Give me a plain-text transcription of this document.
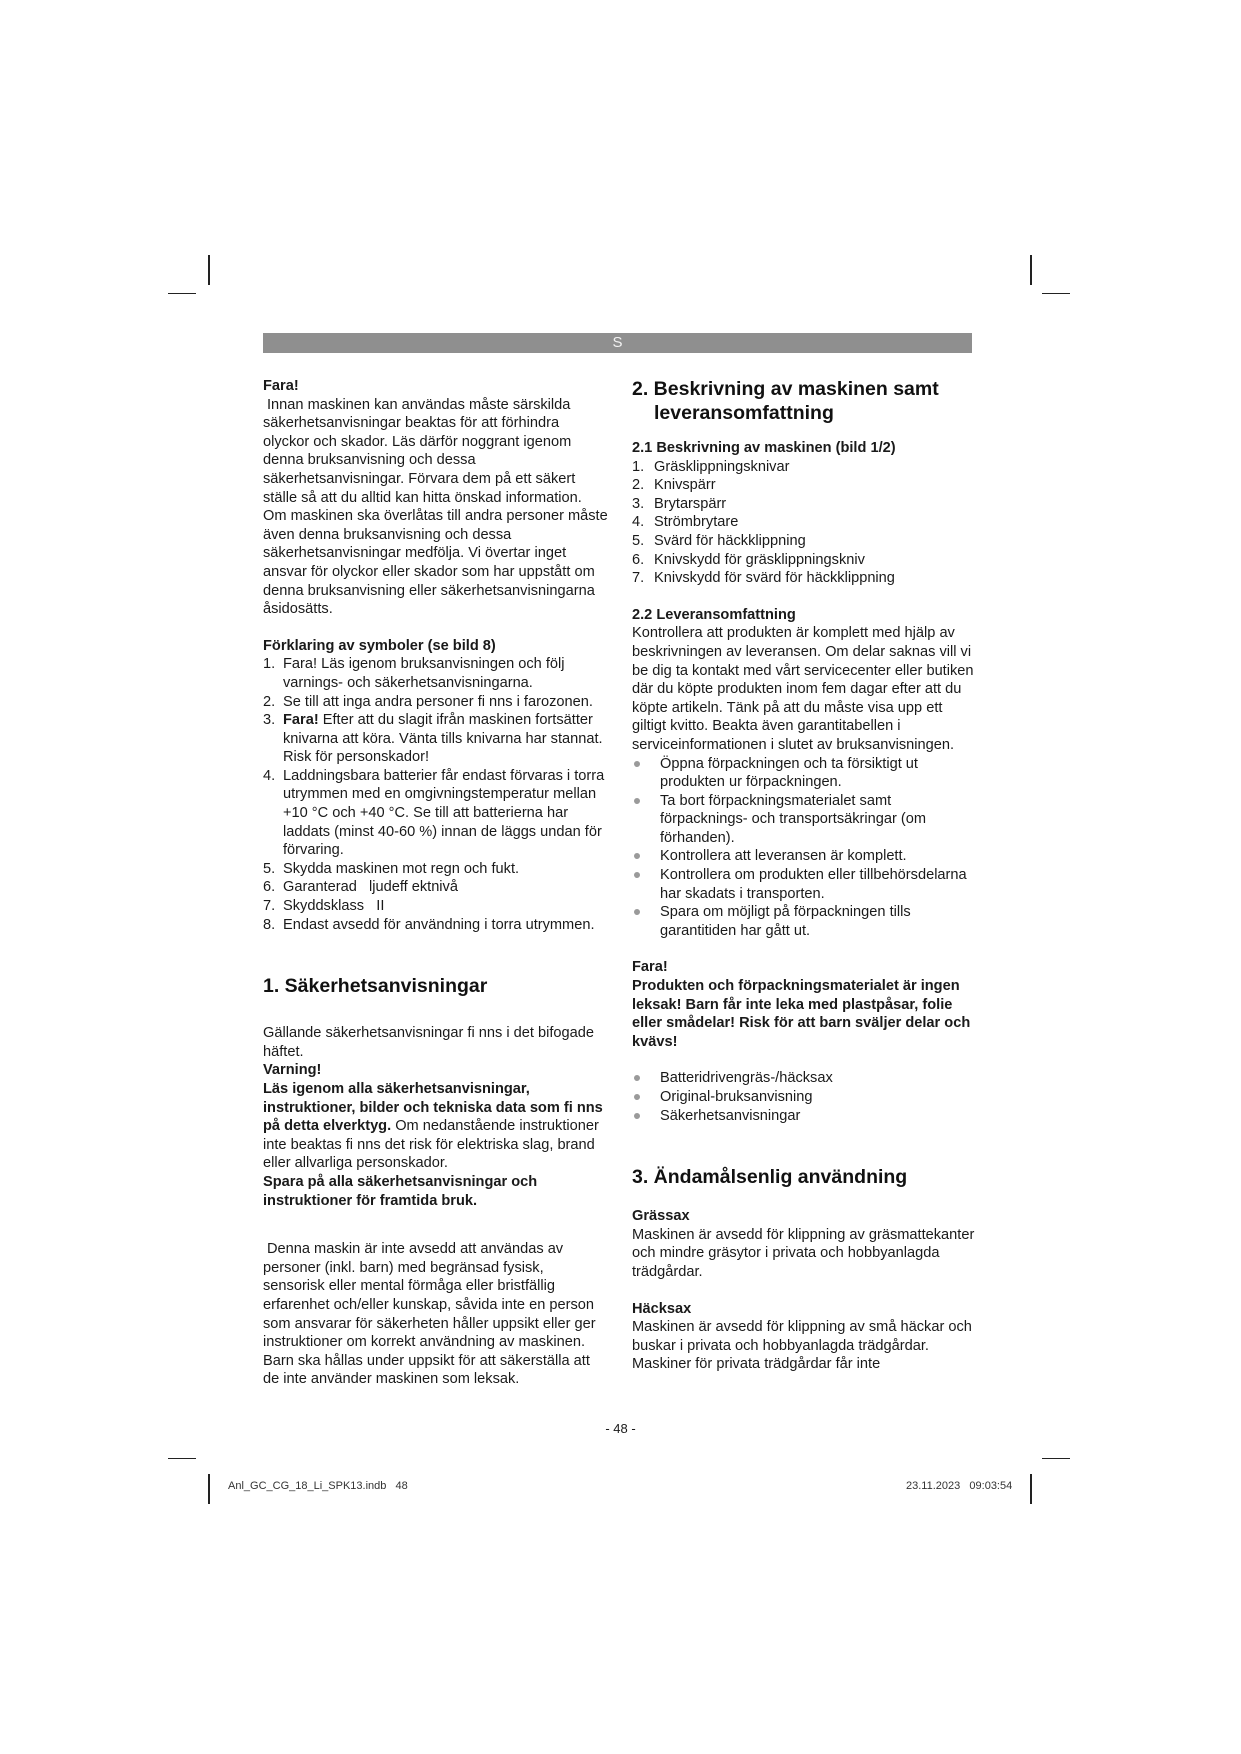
S
Fara!

Innan maskinen kan användas måste särskilda säkerhetsanvisningar beaktas för att förhindra olyckor och skador. Läs därför noggrant igenom denna bruksanvisning och dessa säkerhetsanvisningar. Förvara dem på ett säkert ställe så att du alltid kan hitta önskad information. Om maskinen ska överlåtas till andra personer måste även denna bruksanvisning och dessa säkerhetsanvisningar medfölja. Vi övertar inget ansvar för olyckor eller skador som har uppstått om denna bruksanvisning eller säkerhetsanvisningarna åsidosätts.

Förklaring av symboler (se bild 8)
1. Fara! Läs igenom bruksanvisningen och följ varnings- och säkerhetsanvisningarna.
2. Se till att inga andra personer fi nns i farozonen.
3. Fara! Efter att du slagit ifrån maskinen fortsätter knivarna att köra. Vänta tills knivarna har stannat. Risk för personskador!
4. Laddningsbara batterier får endast förvaras i torra utrymmen med en omgivningstemperatur mellan +10 °C och +40 °C. Se till att batterierna har laddats (minst 40-60 %) innan de läggs undan för förvaring.
5. Skydda maskinen mot regn och fukt.
6. Garanterad   ljudeff ektnivå
7. Skyddsklass   II
8. Endast avsedd för användning i torra utrymmen.
1. Säkerhetsanvisningar

Gällande säkerhetsanvisningar fi nns i det bifogade häftet.

Varning!

Läs igenom alla säkerhetsanvisningar, instruktioner, bilder och tekniska data som fi nns på detta elverktyg. Om nedanstående instruktioner inte beaktas fi nns det risk för elektriska slag, brand eller allvarliga personskador.

Spara på alla säkerhetsanvisningar och instruktioner för framtida bruk.

Denna maskin är inte avsedd att användas av personer (inkl. barn) med begränsad fysisk, sensorisk eller mental förmåga eller bristfällig erfarenhet och/eller kunskap, såvida inte en person som ansvarar för säkerheten håller uppsikt eller ger instruktioner om korrekt användning av maskinen. Barn ska hållas under uppsikt för att säkerställa att de inte använder maskinen som leksak.

2. Beskrivning av maskinen samt leveransomfattning
2.1 Beskrivning av maskinen (bild 1/2)
1. Gräsklippningsknivar
2. Knivspärr
3. Brytarspärr
4. Strömbrytare
5. Svärd för häckklippning
6. Knivskydd för gräsklippningskniv
7. Knivskydd för svärd för häckklippning
2.2 Leveransomfattning

Kontrollera att produkten är komplett med hjälp av beskrivningen av leveransen. Om delar saknas vill vi be dig ta kontakt med vårt servicecenter eller butiken där du köpte produkten inom fem dagar efter att du köpte artikeln. Tänk på att du måste visa upp ett giltigt kvitto. Beakta även garantitabellen i serviceinformationen i slutet av bruksanvisningen.

Öppna förpackningen och ta försiktigt ut produkten ur förpackningen.
Ta bort förpackningsmaterialet samt förpacknings- och transportsäkringar (om förhanden).
Kontrollera att leveransen är komplett.
Kontrollera om produkten eller tillbehörsdelarna har skadats i transporten.
Spara om möjligt på förpackningen tills garantitiden har gått ut.
Fara!

Produkten och förpackningsmaterialet är ingen leksak! Barn får inte leka med plastpåsar, folie eller smådelar! Risk för att barn sväljer delar och kvävs!

Batteridrivengräs-/häcksax
Original-bruksanvisning
Säkerhetsanvisningar
3. Ändamålsenlig användning
Grässax

Maskinen är avsedd för klippning av gräsmattekanter och mindre gräsytor i privata och hobbyanlagda trädgårdar.

Häcksax

Maskinen är avsedd för klippning av små häckar och buskar i privata och hobbyanlagda trädgårdar. Maskiner för privata trädgårdar får inte

- 48 -
Anl_GC_CG_18_Li_SPK13.indb   48	23.11.2023   09:03:54
